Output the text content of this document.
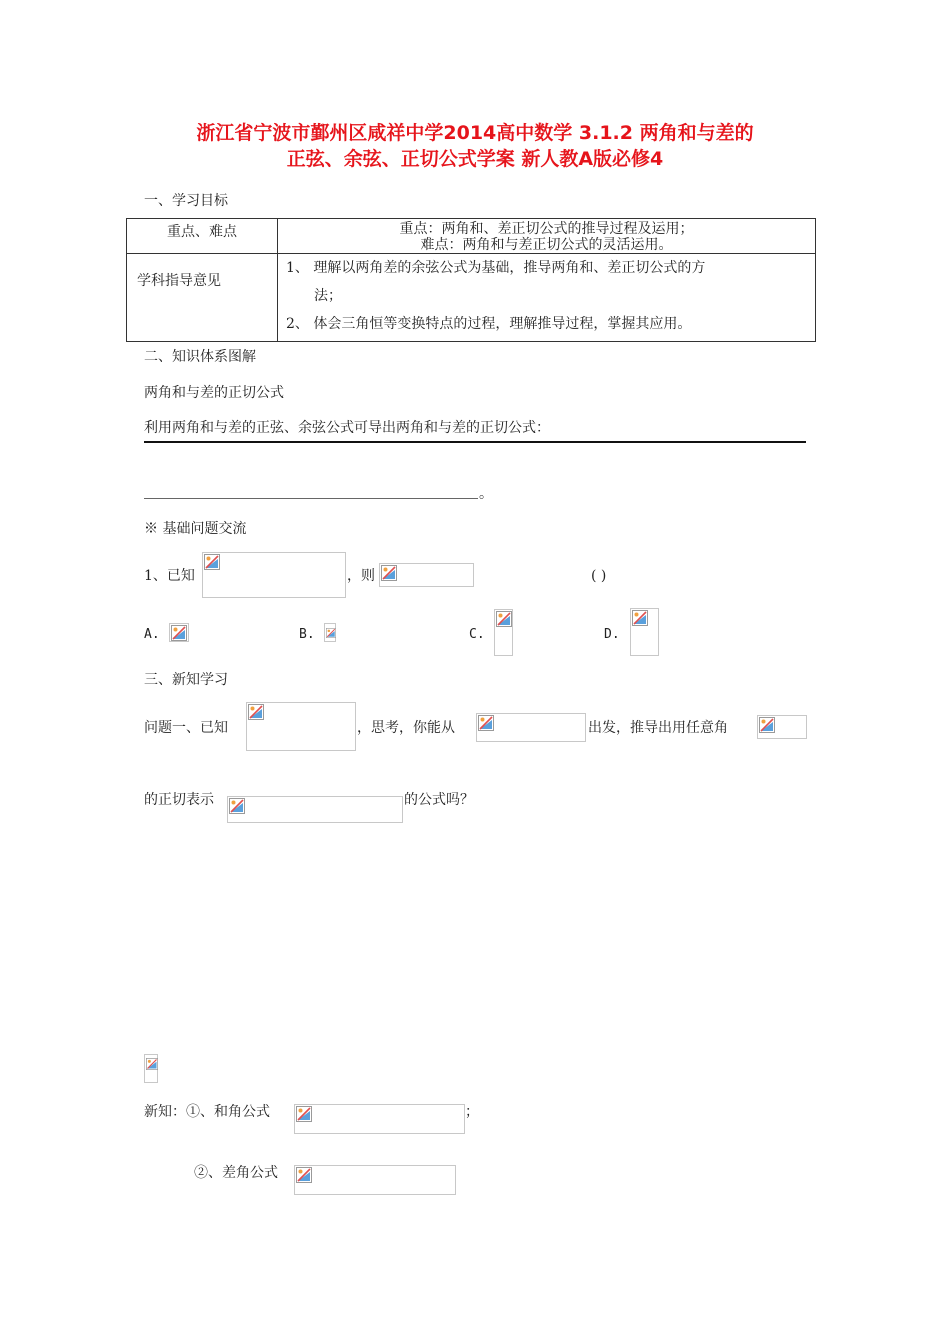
浙江省宁波市鄞州区咸祥中学2014高中数学 3.1.2 两角和与差的
正弦、余弦、正切公式学案 新人教A版必修4
一、学习目标
重点、难点	重点：两角和、差正切公式的推导过程及运用；
难点：两角和与差正切公式的灵活运用。

学科指导意见	1、 理解以两角差的余弦公式为基础，推导两角和、差正切公式的方
法；
2、 体会三角恒等变换特点的过程，理解推导过程，掌握其应用。
二、知识体系图解
两角和与差的正切公式
利用两角和与差的正弦、余弦公式可导出两角和与差的正切公式：
。
※ 基础问题交流
1、已知	，则	( )
A.	B.	C.	D.
三、新知学习
问题一、已知	，思考，你能从	出发，推导出用任意角
的正切表示	的公式吗？
新知：①、和角公式	；
②、差角公式
